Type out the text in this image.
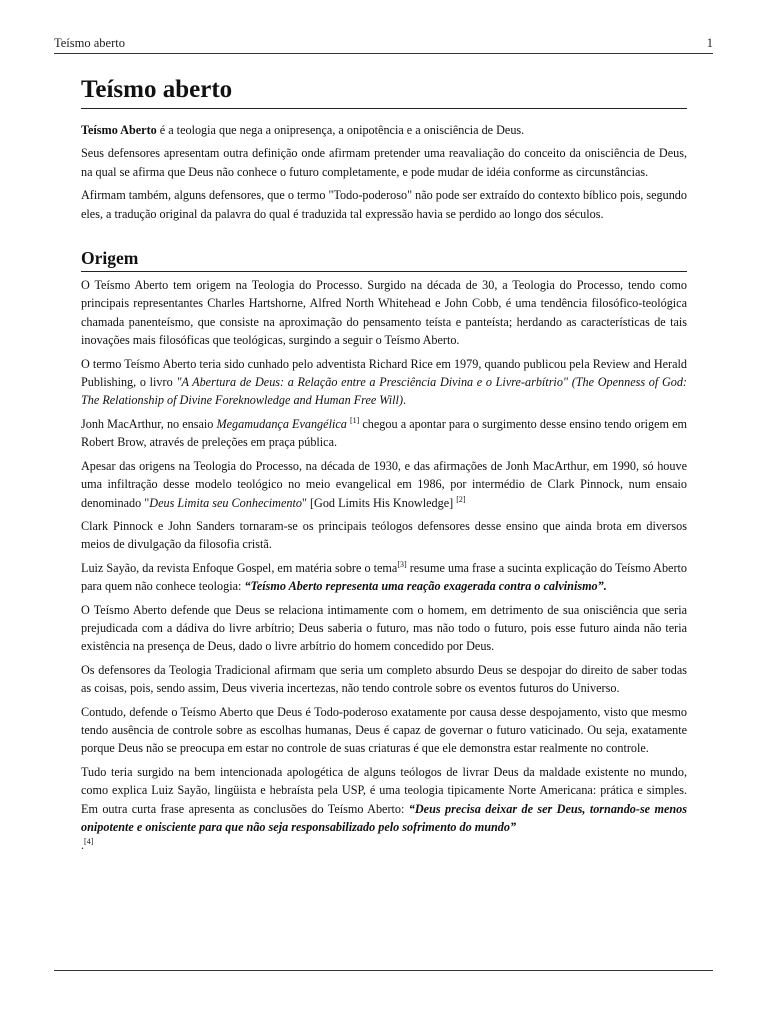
Teísmo aberto	1
Teísmo aberto

Teísmo Aberto é a teologia que nega a onipresença, a onipotência e a onisciência de Deus.

Seus defensores apresentam outra definição onde afirmam pretender uma reavaliação do conceito da onisciência de Deus, na qual se afirma que Deus não conhece o futuro completamente, e pode mudar de idéia conforme as circunstâncias.

Afirmam também, alguns defensores, que o termo "Todo-poderoso" não pode ser extraído do contexto bíblico pois, segundo eles, a tradução original da palavra do qual é traduzida tal expressão havia se perdido ao longo dos séculos.

Origem

O Teísmo Aberto tem origem na Teologia do Processo. Surgido na década de 30, a Teologia do Processo, tendo como principais representantes Charles Hartshorne, Alfred North Whitehead e John Cobb, é uma tendência filosófico-teológica chamada panenteísmo, que consiste na aproximação do pensamento teísta e panteísta; herdando as características de tais inovações mais filosóficas que teológicas, surgindo a seguir o Teísmo Aberto.

O termo Teísmo Aberto teria sido cunhado pelo adventista Richard Rice em 1979, quando publicou pela Review and Herald Publishing, o livro "A Abertura de Deus: a Relação entre a Presciência Divina e o Livre-arbítrio" (The Openness of God: The Relationship of Divine Foreknowledge and Human Free Will).

Jonh MacArthur, no ensaio Megamudança Evangélica [1] chegou a apontar para o surgimento desse ensino tendo origem em Robert Brow, através de preleções em praça pública.

Apesar das origens na Teologia do Processo, na década de 1930, e das afirmações de Jonh MacArthur, em 1990, só houve uma infiltração desse modelo teológico no meio evangelical em 1986, por intermédio de Clark Pinnock, num ensaio denominado "Deus Limita seu Conhecimento" [God Limits His Knowledge] [2]

Clark Pinnock e John Sanders tornaram-se os principais teólogos defensores desse ensino que ainda brota em diversos meios de divulgação da filosofia cristã.

Luiz Sayão, da revista Enfoque Gospel, em matéria sobre o tema[3] resume uma frase a sucinta explicação do Teísmo Aberto para quem não conhece teologia: “Teísmo Aberto representa uma reação exagerada contra o calvinismo”.

O Teísmo Aberto defende que Deus se relaciona intimamente com o homem, em detrimento de sua onisciência que seria prejudicada com a dádiva do livre arbítrio; Deus saberia o futuro, mas não todo o futuro, pois esse futuro ainda não teria existência na presença de Deus, dado o livre arbítrio do homem concedido por Deus.

Os defensores da Teologia Tradicional afirmam que seria um completo absurdo Deus se despojar do direito de saber todas as coisas, pois, sendo assim, Deus viveria incertezas, não tendo controle sobre os eventos futuros do Universo.

Contudo, defende o Teísmo Aberto que Deus é Todo-poderoso exatamente por causa desse despojamento, visto que mesmo tendo ausência de controle sobre as escolhas humanas, Deus é capaz de governar o futuro vaticinado. Ou seja, exatamente porque Deus não se preocupa em estar no controle de suas criaturas é que ele demonstra estar realmente no controle.

Tudo teria surgido na bem intencionada apologética de alguns teólogos de livrar Deus da maldade existente no mundo, como explica Luiz Sayão, lingüista e hebraísta pela USP, é uma teologia tipicamente Norte Americana: prática e simples. Em outra curta frase apresenta as conclusões do Teísmo Aberto: “Deus precisa deixar de ser Deus, tornando-se menos onipotente e onisciente para que não seja responsabilizado pelo sofrimento do mundo”
.[4]
